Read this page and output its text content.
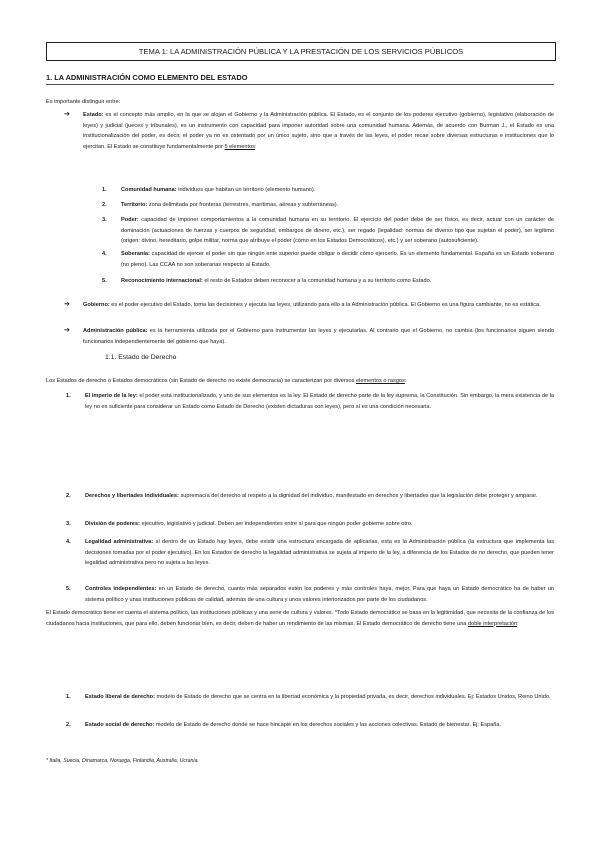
TEMA 1: LA ADMINISTRACIÓN PÚBLICA Y LA PRESTACIÓN DE LOS SERVICIOS PÚBLICOS
1. LA ADMINISTRACIÓN COMO ELEMENTO DEL ESTADO
Es importante distinguir entre:
➔ Estado: es el concepto más amplio, en la que se alojan el Gobierno y la Administración pública. El Estado, es el conjunto de los poderes ejecutivo (gobierno), legislativo (elaboración de leyes) y judicial (jueces y tribunales), es un instrumento con capacidad para imponer autoridad sobre una comunidad humana. Además, de acuerdo con Burman J., el Estado es una institucionalización del poder, es decir, el poder ya no es ostentado por un único sujeto, sino que a través de las leyes, el poder recae sobre diversas estructuras e instituciones que lo ejercitan. El Estado se constituye fundamentalmente por 5 elementos:
1.	Comunidad humana: individuos que habitan un territorio (elemento humano).
2.	Territorio: zona delimitada por fronteras (terrestres, marítimas, aéreas y subterráneas).
3.	Poder: capacidad de imponer comportamientos a la comunidad humana en su territorio. El ejercicio del poder debe de ser físico, es decir, actuar con un carácter de dominación (actuaciones de fuerzas y cuerpos de seguridad, embargos de dinero, etc.), ser regado (legalidad: normas de diverso tipo que sujetan el poder), ser legítimo (origen: divino, hereditario, golpe militar, norma que atribuye el poder (cómo en los Estados Democráticos), etc.) y ser soberano (autosuficiente).
4.	Soberanía: capacidad de ejercer el poder sin que ningún ente superior puede obligar o decidir cómo ejercerlo. Es un elemento fundamental. España es un Estado soberano (no pleno). Las CCAA no son soberanas respecto al Estado.
5.	Reconocimiento internacional: el resto de Estados deben reconocer a la comunidad humana y a su territorio como Estado.
➔ Gobierno: es el poder ejecutivo del Estado, toma las decisiones y ejecuta las leyes, utilizando para ello a la Administración pública. El Gobierno es una figura cambiante, no es estática.
➔ Administración pública: es la herramienta utilizada por el Gobierno para instrumentar las leyes y ejecutarlas. Al contrario que el Gobierno, no cambia (los funcionarios siguen siendo funcionarios independientemente del gobierno que haya).
1.1. Estado de Derecho
Los Estados de derecho o Estados democráticos (sin Estado de derecho no existe democracia) se caracterizan por diversos elementos o rasgos:
1.	El imperio de la ley: el poder está institucionalizado, y uno de sus elementos es la ley. El Estado de derecho parte de la ley suprema, la Constitución. Sin embargo, la mera existencia de la ley no es suficiente para considerar un Estado como Estado de Derecho (existen dictaduras con leyes), pero sí es una condición necesaria.
2.	Derechos y libertades individuales: supremacía del derecho al respeto a la dignidad del individuo, manifestado en derechos y libertades que la legislación debe proteger y amparar.
3.	División de poderes: ejecutivo, legislativo y judicial. Deben ser independientes entre sí para que ningún poder gobierne sobre otro.
4.	Legalidad administrativa: si dentro de un Estado hay leyes, debe existir una estructura encargada de aplicarlas, esta es la Administración pública (la estructura que implementa las decisiones tomadas por el poder ejecutivo). En los Estados de derecho la legalidad administrativa se sujeta al imperio de la ley, a diferencia de los Estados de no derecho, que pueden tener legalidad administrativa pero no sujeta a las leyes.
5.	Controles independientes: en un Estado de derecho, cuanto más separados estén los poderes y más controles haya, mejor. Para que haya un Estado democrático ha de haber un sistema político y unas instituciones públicas de calidad, además de una cultura y unos valores interiorizados por parte de los ciudadanos.
El Estado democrático tiene en cuenta el sistema político, las instituciones públicas y una serie de cultura y valores. *Todo Estado democrático se basa en la legitimidad, que necesita de la confianza de los ciudadanos hacia instituciones, que para ello, deben funcionar bien, es decir, deben de haber un rendimiento de las mismas. El Estado democrático de derecho tiene una doble interpretación:
1.	Estado liberal de derecho: modelo de Estado de derecho que se centra en la libertad económica y la propiedad privada, es decir, derechos individuales. Ej: Estados Unidos, Reino Unido.
2.	Estado social de derecho: modelo de Estado de derecho donde se hace hincapié en los derechos sociales y las acciones colectivas. Estado de bienestar. Ej: España.
* Italia, Suecia, Dinamarca, Noruega, Finlandia, Australia, Ucrania.
